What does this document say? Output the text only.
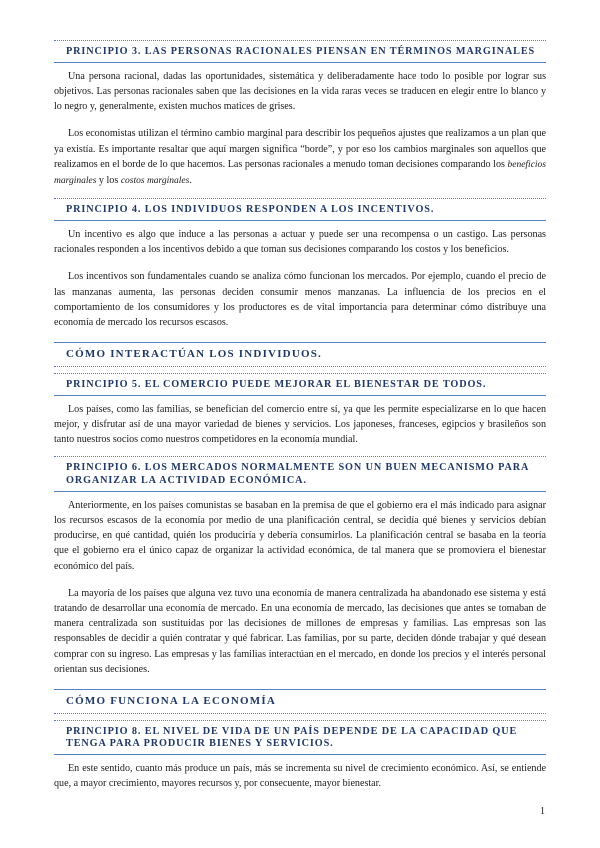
PRINCIPIO 3. LAS PERSONAS RACIONALES PIENSAN EN TÉRMINOS MARGINALES

Una persona racional, dadas las oportunidades, sistemática y deliberadamente hace todo lo posible por lograr sus objetivos. Las personas racionales saben que las decisiones en la vida raras veces se traducen en elegir entre lo blanco y lo negro y, generalmente, existen muchos matices de grises.

Los economistas utilizan el término cambio marginal para describir los pequeños ajustes que realizamos a un plan que ya existía. Es importante resaltar que aquí margen significa “borde”, y por eso los cambios marginales son aquellos que realizamos en el borde de lo que hacemos. Las personas racionales a menudo toman decisiones comparando los beneficios marginales y los costos marginales.

PRINCIPIO 4. LOS INDIVIDUOS RESPONDEN A LOS INCENTIVOS.

Un incentivo es algo que induce a las personas a actuar y puede ser una recompensa o un castigo. Las personas racionales responden a los incentivos debido a que toman sus decisiones comparando los costos y los beneficios.

Los incentivos son fundamentales cuando se analiza cómo funcionan los mercados. Por ejemplo, cuando el precio de las manzanas aumenta, las personas deciden consumir menos manzanas. La influencia de los precios en el comportamiento de los consumidores y los productores es de vital importancia para determinar cómo distribuye una economía de mercado los recursos escasos.

CÓMO INTERACTÚAN LOS INDIVIDUOS.
PRINCIPIO 5. EL COMERCIO PUEDE MEJORAR EL BIENESTAR DE TODOS.

Los países, como las familias, se benefician del comercio entre sí, ya que les permite especializarse en lo que hacen mejor, y disfrutar así de una mayor variedad de bienes y servicios. Los japoneses, franceses, egipcios y brasileños son tanto nuestros socios como nuestros competidores en la economía mundial.

PRINCIPIO 6. LOS MERCADOS NORMALMENTE SON UN BUEN MECANISMO PARA ORGANIZAR LA ACTIVIDAD ECONÓMICA.

Anteriormente, en los países comunistas se basaban en la premisa de que el gobierno era el más indicado para asignar los recursos escasos de la economía por medio de una planificación central, se decidía qué bienes y servicios debían producirse, en qué cantidad, quién los produciría y debería consumirlos. La planificación central se basaba en la teoría que el gobierno era el único capaz de organizar la actividad económica, de tal manera que se promoviera el bienestar económico del país.

La mayoría de los países que alguna vez tuvo una economía de manera centralizada ha abandonado ese sistema y está tratando de desarrollar una economía de mercado. En una economía de mercado, las decisiones que antes se tomaban de manera centralizada son sustituidas por las decisiones de millones de empresas y familias. Las empresas son las responsables de decidir a quién contratar y qué fabricar. Las familias, por su parte, deciden dónde trabajar y qué desean comprar con su ingreso. Las empresas y las familias interactúan en el mercado, en donde los precios y el interés personal orientan sus decisiones.

CÓMO FUNCIONA LA ECONOMÍA
PRINCIPIO 8. EL NIVEL DE VIDA DE UN PAÍS DEPENDE DE LA CAPACIDAD QUE TENGA PARA PRODUCIR BIENES Y SERVICIOS.

En este sentido, cuanto más produce un país, más se incrementa su nivel de crecimiento económico. Así, se entiende que, a mayor crecimiento, mayores recursos y, por consecuente, mayor bienestar.

1
